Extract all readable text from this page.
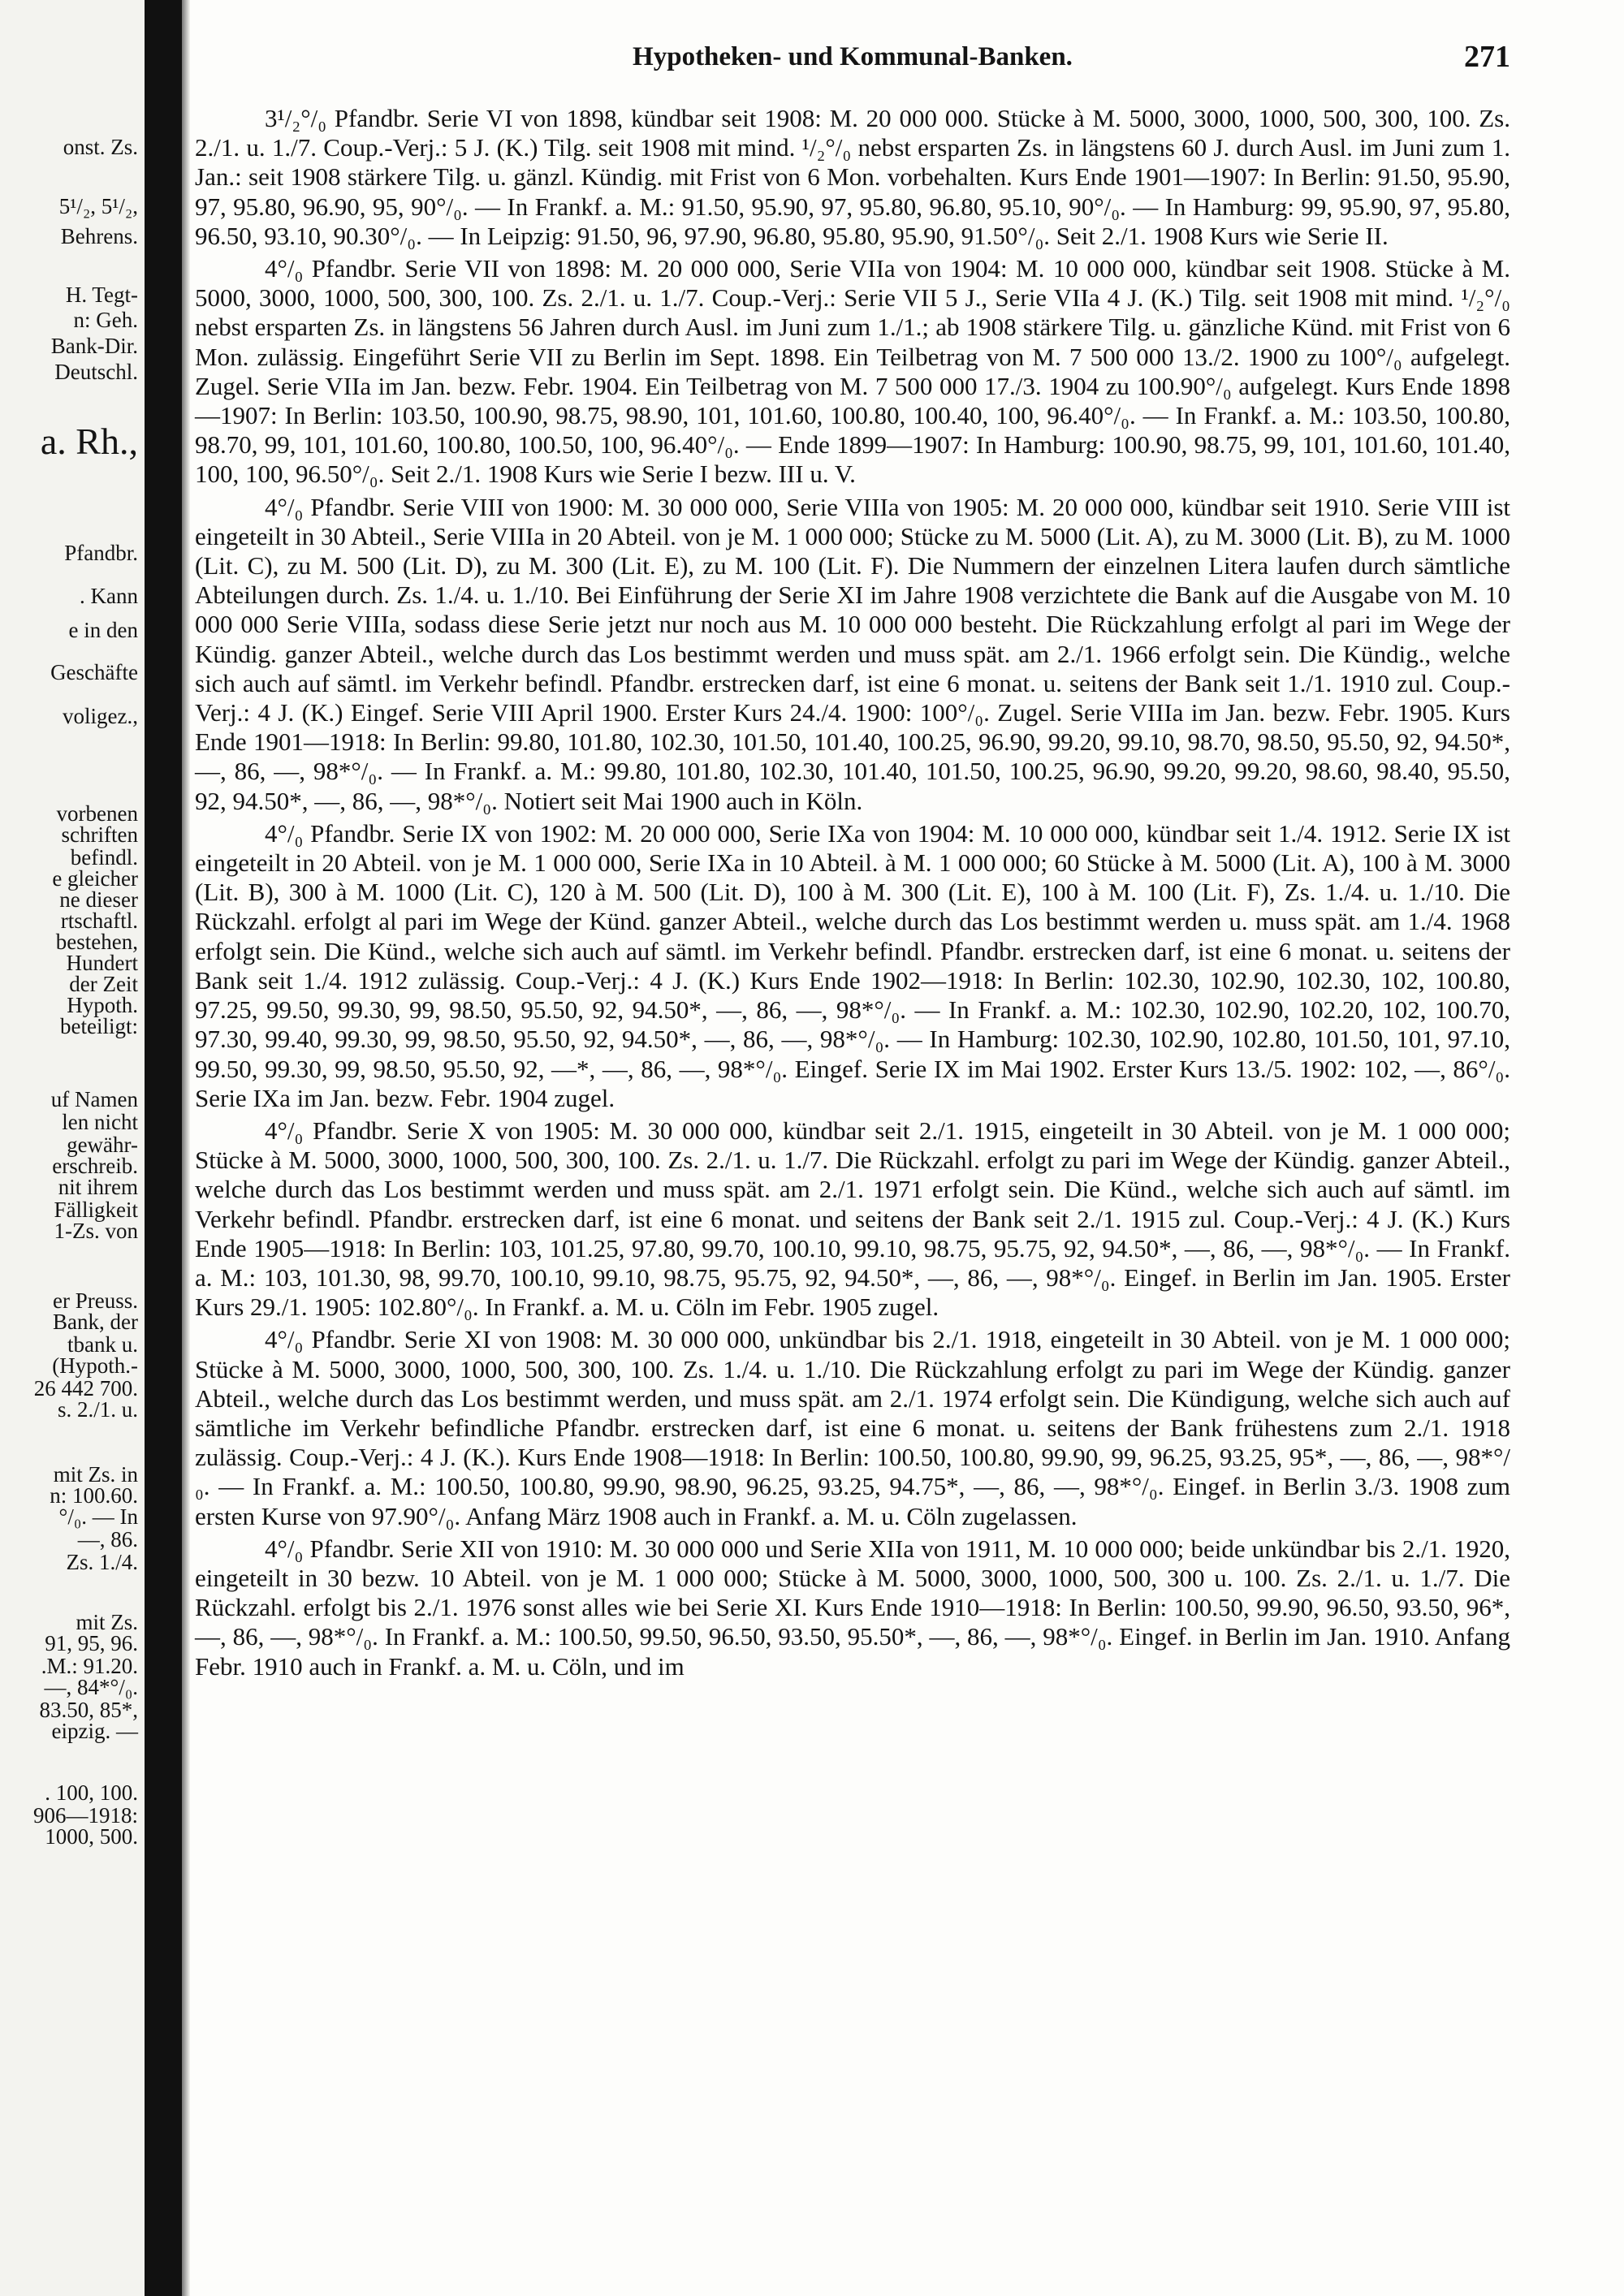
onst. Zs.
5¹/₂, 5¹/₂,
Behrens.
H. Tegt-
n: Geh.
Bank-Dir.
Deutschl.
a. Rh.,
Pfandbr.
. Kann
e in den
Geschäfte
voligez.,
vorbenen
schriften
befindl.
e gleicher
ne dieser
rtschaftl.
bestehen,
Hundert
der Zeit
Hypoth.
beteiligt:
uf Namen
len nicht
gewähr-
erschreib.
nit ihrem
Fälligkeit
1-Zs. von
er Preuss.
Bank, der
tbank u.
(Hypoth.-
26 442 700.
s. 2./1. u.
mit Zs. in
n: 100.60.
°/₀. — In
—, 86.
Zs. 1./4.
mit Zs.
91, 95, 96.
.M.: 91.20.
—, 84*°/₀.
83.50, 85*,
eipzig. —
. 100, 100.
906—1918:
1000, 500.
Hypotheken- und Kommunal-Banken.	271

3¹/₂°/₀ Pfandbr. Serie VI von 1898, kündbar seit 1908: M. 20 000 000. Stücke à M. 5000, 3000, 1000, 500, 300, 100. Zs. 2./1. u. 1./7. Coup.-Verj.: 5 J. (K.) Tilg. seit 1908 mit mind. ¹/₂°/₀ nebst ersparten Zs. in längstens 60 J. durch Ausl. im Juni zum 1. Jan.: seit 1908 stärkere Tilg. u. gänzl. Kündig. mit Frist von 6 Mon. vorbehalten. Kurs Ende 1901—1907: In Berlin: 91.50, 95.90, 97, 95.80, 96.90, 95, 90°/₀. — In Frankf. a. M.: 91.50, 95.90, 97, 95.80, 96.80, 95.10, 90°/₀. — In Hamburg: 99, 95.90, 97, 95.80, 96.50, 93.10, 90.30°/₀. — In Leipzig: 91.50, 96, 97.90, 96.80, 95.80, 95.90, 91.50°/₀. Seit 2./1. 1908 Kurs wie Serie II.

4°/₀ Pfandbr. Serie VII von 1898: M. 20 000 000, Serie VIIa von 1904: M. 10 000 000, kündbar seit 1908. Stücke à M. 5000, 3000, 1000, 500, 300, 100. Zs. 2./1. u. 1./7. Coup.-Verj.: Serie VII 5 J., Serie VIIa 4 J. (K.) Tilg. seit 1908 mit mind. ¹/₂°/₀ nebst ersparten Zs. in längstens 56 Jahren durch Ausl. im Juni zum 1./1.; ab 1908 stärkere Tilg. u. gänzliche Künd. mit Frist von 6 Mon. zulässig. Eingeführt Serie VII zu Berlin im Sept. 1898. Ein Teilbetrag von M. 7 500 000 13./2. 1900 zu 100°/₀ aufgelegt. Zugel. Serie VIIa im Jan. bezw. Febr. 1904. Ein Teilbetrag von M. 7 500 000 17./3. 1904 zu 100.90°/₀ aufgelegt. Kurs Ende 1898—1907: In Berlin: 103.50, 100.90, 98.75, 98.90, 101, 101.60, 100.80, 100.40, 100, 96.40°/₀. — In Frankf. a. M.: 103.50, 100.80, 98.70, 99, 101, 101.60, 100.80, 100.50, 100, 96.40°/₀. — Ende 1899—1907: In Hamburg: 100.90, 98.75, 99, 101, 101.60, 101.40, 100, 100, 96.50°/₀. Seit 2./1. 1908 Kurs wie Serie I bezw. III u. V.

4°/₀ Pfandbr. Serie VIII von 1900: M. 30 000 000, Serie VIIIa von 1905: M. 20 000 000, kündbar seit 1910. Serie VIII ist eingeteilt in 30 Abteil., Serie VIIIa in 20 Abteil. von je M. 1 000 000; Stücke zu M. 5000 (Lit. A), zu M. 3000 (Lit. B), zu M. 1000 (Lit. C), zu M. 500 (Lit. D), zu M. 300 (Lit. E), zu M. 100 (Lit. F). Die Nummern der einzelnen Litera laufen durch sämtliche Abteilungen durch. Zs. 1./4. u. 1./10. Bei Einführung der Serie XI im Jahre 1908 verzichtete die Bank auf die Ausgabe von M. 10 000 000 Serie VIIIa, sodass diese Serie jetzt nur noch aus M. 10 000 000 besteht. Die Rückzahlung erfolgt al pari im Wege der Kündig. ganzer Abteil., welche durch das Los bestimmt werden und muss spät. am 2./1. 1966 erfolgt sein. Die Kündig., welche sich auch auf sämtl. im Verkehr befindl. Pfandbr. erstrecken darf, ist eine 6 monat. u. seitens der Bank seit 1./1. 1910 zul. Coup.-Verj.: 4 J. (K.) Eingef. Serie VIII April 1900. Erster Kurs 24./4. 1900: 100°/₀. Zugel. Serie VIIIa im Jan. bezw. Febr. 1905. Kurs Ende 1901—1918: In Berlin: 99.80, 101.80, 102.30, 101.50, 101.40, 100.25, 96.90, 99.20, 99.10, 98.70, 98.50, 95.50, 92, 94.50*, —, 86, —, 98*°/₀. — In Frankf. a. M.: 99.80, 101.80, 102.30, 101.40, 101.50, 100.25, 96.90, 99.20, 99.20, 98.60, 98.40, 95.50, 92, 94.50*, —, 86, —, 98*°/₀. Notiert seit Mai 1900 auch in Köln.

4°/₀ Pfandbr. Serie IX von 1902: M. 20 000 000, Serie IXa von 1904: M. 10 000 000, kündbar seit 1./4. 1912. Serie IX ist eingeteilt in 20 Abteil. von je M. 1 000 000, Serie IXa in 10 Abteil. à M. 1 000 000; 60 Stücke à M. 5000 (Lit. A), 100 à M. 3000 (Lit. B), 300 à M. 1000 (Lit. C), 120 à M. 500 (Lit. D), 100 à M. 300 (Lit. E), 100 à M. 100 (Lit. F), Zs. 1./4. u. 1./10. Die Rückzahl. erfolgt al pari im Wege der Künd. ganzer Abteil., welche durch das Los bestimmt werden u. muss spät. am 1./4. 1968 erfolgt sein. Die Künd., welche sich auch auf sämtl. im Verkehr befindl. Pfandbr. erstrecken darf, ist eine 6 monat. u. seitens der Bank seit 1./4. 1912 zulässig. Coup.-Verj.: 4 J. (K.) Kurs Ende 1902—1918: In Berlin: 102.30, 102.90, 102.30, 102, 100.80, 97.25, 99.50, 99.30, 99, 98.50, 95.50, 92, 94.50*, —, 86, —, 98*°/₀. — In Frankf. a. M.: 102.30, 102.90, 102.20, 102, 100.70, 97.30, 99.40, 99.30, 99, 98.50, 95.50, 92, 94.50*, —, 86, —, 98*°/₀. — In Hamburg: 102.30, 102.90, 102.80, 101.50, 101, 97.10, 99.50, 99.30, 99, 98.50, 95.50, 92, —*, —, 86, —, 98*°/₀. Eingef. Serie IX im Mai 1902. Erster Kurs 13./5. 1902: 102, —, 86°/₀. Serie IXa im Jan. bezw. Febr. 1904 zugel.

4°/₀ Pfandbr. Serie X von 1905: M. 30 000 000, kündbar seit 2./1. 1915, eingeteilt in 30 Abteil. von je M. 1 000 000; Stücke à M. 5000, 3000, 1000, 500, 300, 100. Zs. 2./1. u. 1./7. Die Rückzahl. erfolgt zu pari im Wege der Kündig. ganzer Abteil., welche durch das Los bestimmt werden und muss spät. am 2./1. 1971 erfolgt sein. Die Künd., welche sich auch auf sämtl. im Verkehr befindl. Pfandbr. erstrecken darf, ist eine 6 monat. und seitens der Bank seit 2./1. 1915 zul. Coup.-Verj.: 4 J. (K.) Kurs Ende 1905—1918: In Berlin: 103, 101.25, 97.80, 99.70, 100.10, 99.10, 98.75, 95.75, 92, 94.50*, —, 86, —, 98*°/₀. — In Frankf. a. M.: 103, 101.30, 98, 99.70, 100.10, 99.10, 98.75, 95.75, 92, 94.50*, —, 86, —, 98*°/₀. Eingef. in Berlin im Jan. 1905. Erster Kurs 29./1. 1905: 102.80°/₀. In Frankf. a. M. u. Cöln im Febr. 1905 zugel.

4°/₀ Pfandbr. Serie XI von 1908: M. 30 000 000, unkündbar bis 2./1. 1918, eingeteilt in 30 Abteil. von je M. 1 000 000; Stücke à M. 5000, 3000, 1000, 500, 300, 100. Zs. 1./4. u. 1./10. Die Rückzahlung erfolgt zu pari im Wege der Kündig. ganzer Abteil., welche durch das Los bestimmt werden, und muss spät. am 2./1. 1974 erfolgt sein. Die Kündigung, welche sich auch auf sämtliche im Verkehr befindliche Pfandbr. erstrecken darf, ist eine 6 monat. u. seitens der Bank frühestens zum 2./1. 1918 zulässig. Coup.-Verj.: 4 J. (K.). Kurs Ende 1908—1918: In Berlin: 100.50, 100.80, 99.90, 99, 96.25, 93.25, 95*, —, 86, —, 98*°/₀. — In Frankf. a. M.: 100.50, 100.80, 99.90, 98.90, 96.25, 93.25, 94.75*, —, 86, —, 98*°/₀. Eingef. in Berlin 3./3. 1908 zum ersten Kurse von 97.90°/₀. Anfang März 1908 auch in Frankf. a. M. u. Cöln zugelassen.

4°/₀ Pfandbr. Serie XII von 1910: M. 30 000 000 und Serie XIIa von 1911, M. 10 000 000; beide unkündbar bis 2./1. 1920, eingeteilt in 30 bezw. 10 Abteil. von je M. 1 000 000; Stücke à M. 5000, 3000, 1000, 500, 300 u. 100. Zs. 2./1. u. 1./7. Die Rückzahl. erfolgt bis 2./1. 1976 sonst alles wie bei Serie XI. Kurs Ende 1910—1918: In Berlin: 100.50, 99.90, 96.50, 93.50, 96*, —, 86, —, 98*°/₀. In Frankf. a. M.: 100.50, 99.50, 96.50, 93.50, 95.50*, —, 86, —, 98*°/₀. Eingef. in Berlin im Jan. 1910. Anfang Febr. 1910 auch in Frankf. a. M. u. Cöln, und im
